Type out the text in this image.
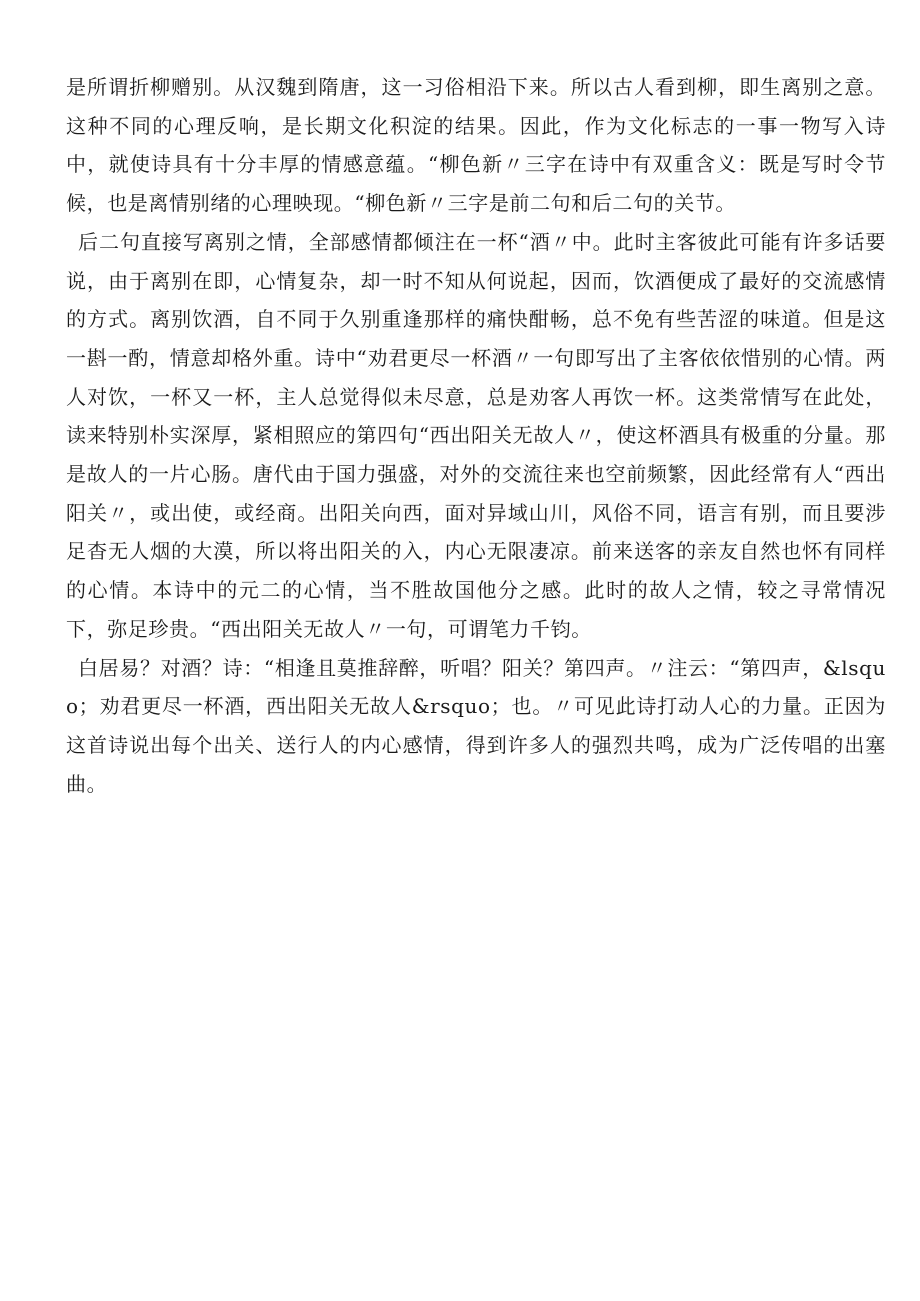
是所谓折柳赠别。从汉魏到隋唐，这一习俗相沿下来。所以古人看到柳，即生离别之意。这种不同的心理反响，是长期文化积淀的结果。因此，作为文化标志的一事一物写入诗中，就使诗具有十分丰厚的情感意蕴。“柳色新〃三字在诗中有双重含义：既是写时令节候，也是离情别绪的心理映现。“柳色新〃三字是前二句和后二句的关节。

后二句直接写离别之情，全部感情都倾注在一杯“酒〃中。此时主客彼此可能有许多话要说，由于离别在即，心情复杂，却一时不知从何说起，因而，饮酒便成了最好的交流感情的方式。离别饮酒，自不同于久别重逢那样的痛快酣畅，总不免有些苦涩的味道。但是这一斟一酌，情意却格外重。诗中“劝君更尽一杯酒〃一句即写出了主客依依惜别的心情。两人对饮，一杯又一杯，主人总觉得似未尽意，总是劝客人再饮一杯。这类常情写在此处，读来特别朴实深厚，紧相照应的第四句“西出阳关无故人〃，使这杯酒具有极重的分量。那是故人的一片心肠。唐代由于国力强盛，对外的交流往来也空前频繁，因此经常有人“西出阳关〃，或出使，或经商。出阳关向西，面对异域山川，风俗不同，语言有别，而且要涉足杳无人烟的大漠，所以将出阳关的入，内心无限凄凉。前来送客的亲友自然也怀有同样的心情。本诗中的元二的心情，当不胜故国他分之感。此时的故人之情，较之寻常情况下，弥足珍贵。“西出阳关无故人〃一句，可谓笔力千钧。

白居易？对酒？诗：“相逢且莫推辞醉，听唱？阳关？第四声。〃注云：“第四声，&lsquo；劝君更尽一杯酒，西出阳关无故人&rsquo；也。〃可见此诗打动人心的力量。正因为这首诗说出每个出关、送行人的内心感情，得到许多人的强烈共鸣，成为广泛传唱的出塞曲。
